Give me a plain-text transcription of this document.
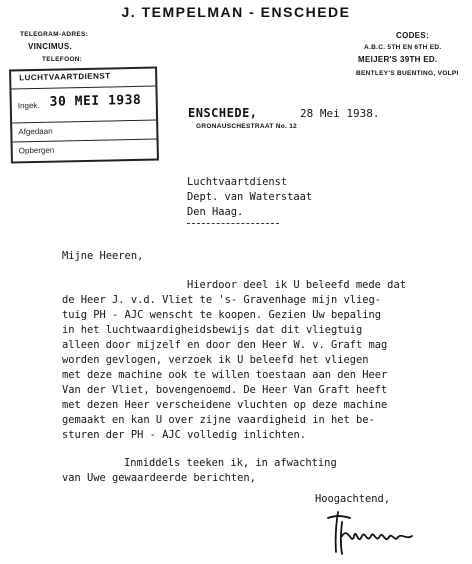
J. TEMPELMAN - ENSCHEDE
TELEGRAM-ADRES:
VINCIMUS.
TELEFOON:
CODES:
A.B.C. 5TH EN 6TH ED.
MEIJER'S 39TH ED.
BENTLEY'S BUENTING, VOLPI
LUCHTVAARTDIENST
Ingek. 30 MEI 1938
Afgedaan
Opbergen
ENSCHEDE,	28 Mei 1938.
GRONAUSCHESTRAAT No. 12
Luchtvaartdienst
Dept. van Waterstaat
Den Haag.
Mijne Heeren,
Hierdoor deel ik U beleefd mede dat
de Heer J. v.d. Vliet te 's- Gravenhage mijn vlieg-
tuig PH - AJC wenscht te koopen. Gezien Uw bepaling
in het luchtwaardigheidsbewijs dat dit vliegtuig
alleen door mijzelf en door den Heer W. v. Graft mag
worden gevlogen, verzoek ik U beleefd het vliegen
met deze machine ook te willen toestaan aan den Heer
Van der Vliet, bovengenoemd. De Heer Van Graft heeft
met dezen Heer verscheidene vluchten op deze machine
gemaakt en kan U over zijne vaardigheid in het be-
sturen der PH - AJC volledig inlichten.
Inmiddels teeken ik, in afwachting
van Uwe gewaardeerde berichten,
Hoogachtend,
